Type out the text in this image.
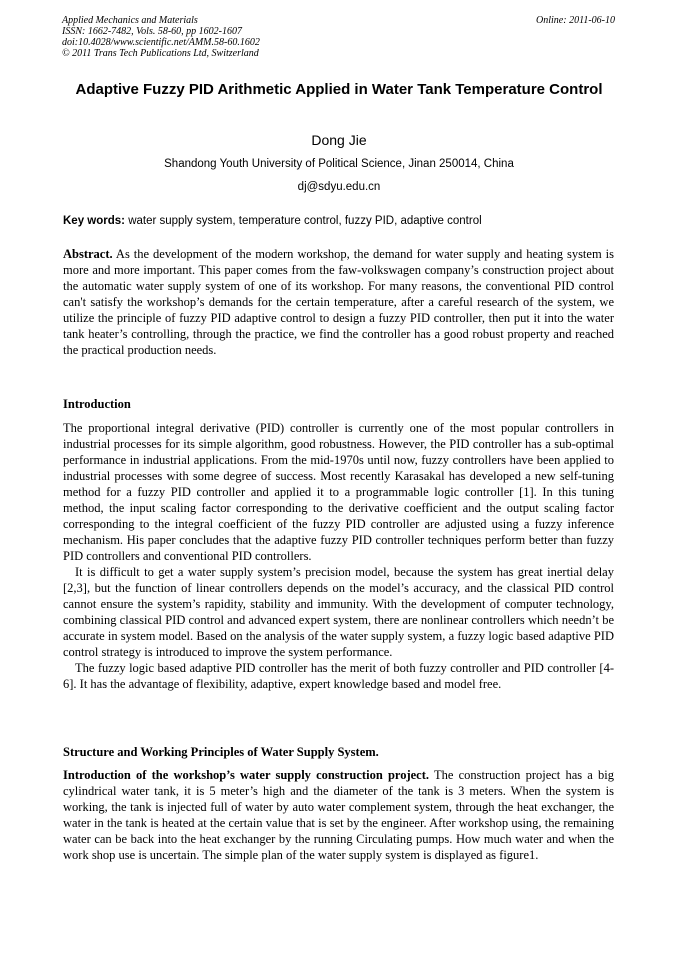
Applied Mechanics and Materials
ISSN: 1662-7482, Vols. 58-60, pp 1602-1607
doi:10.4028/www.scientific.net/AMM.58-60.1602
© 2011 Trans Tech Publications Ltd, Switzerland
Online: 2011-06-10
Adaptive Fuzzy PID Arithmetic Applied in Water Tank Temperature Control
Dong Jie
Shandong Youth University of Political Science, Jinan 250014, China
dj@sdyu.edu.cn
Key words: water supply system, temperature control, fuzzy PID, adaptive control

Abstract. As the development of the modern workshop, the demand for water supply and heating system is more and more important. This paper comes from the faw-volkswagen company’s construction project about the automatic water supply system of one of its workshop. For many reasons, the conventional PID control can't satisfy the workshop’s demands for the certain temperature, after a careful research of the system, we utilize the principle of fuzzy PID adaptive control to design a fuzzy PID controller, then put it into the water tank heater’s controlling, through the practice, we find the controller has a good robust property and reached the practical production needs.

Introduction

The proportional integral derivative (PID) controller is currently one of the most popular controllers in industrial processes for its simple algorithm, good robustness. However, the PID controller has a sub-optimal performance in industrial applications. From the mid-1970s until now, fuzzy controllers have been applied to industrial processes with some degree of success. Most recently Karasakal has developed a new self-tuning method for a fuzzy PID controller and applied it to a programmable logic controller [1]. In this tuning method, the input scaling factor corresponding to the derivative coefficient and the output scaling factor corresponding to the integral coefficient of the fuzzy PID controller are adjusted using a fuzzy inference mechanism. His paper concludes that the adaptive fuzzy PID controller techniques perform better than fuzzy PID controllers and conventional PID controllers.

It is difficult to get a water supply system’s precision model, because the system has great inertial delay [2,3], but the function of linear controllers depends on the model’s accuracy, and the classical PID control cannot ensure the system’s rapidity, stability and immunity. With the development of computer technology, combining classical PID control and advanced expert system, there are nonlinear controllers which needn’t be accurate in system model. Based on the analysis of the water supply system, a fuzzy logic based adaptive PID control strategy is introduced to improve the system performance.

The fuzzy logic based adaptive PID controller has the merit of both fuzzy controller and PID controller [4-6]. It has the advantage of flexibility, adaptive, expert knowledge based and model free.

Structure and Working Principles of Water Supply System.

Introduction of the workshop’s water supply construction project. The construction project has a big cylindrical water tank, it is 5 meter’s high and the diameter of the tank is 3 meters. When the system is working, the tank is injected full of water by auto water complement system, through the heat exchanger, the water in the tank is heated at the certain value that is set by the engineer. After workshop using, the remaining water can be back into the heat exchanger by the running Circulating pumps. How much water and when the work shop use is uncertain. The simple plan of the water supply system is displayed as figure1.
